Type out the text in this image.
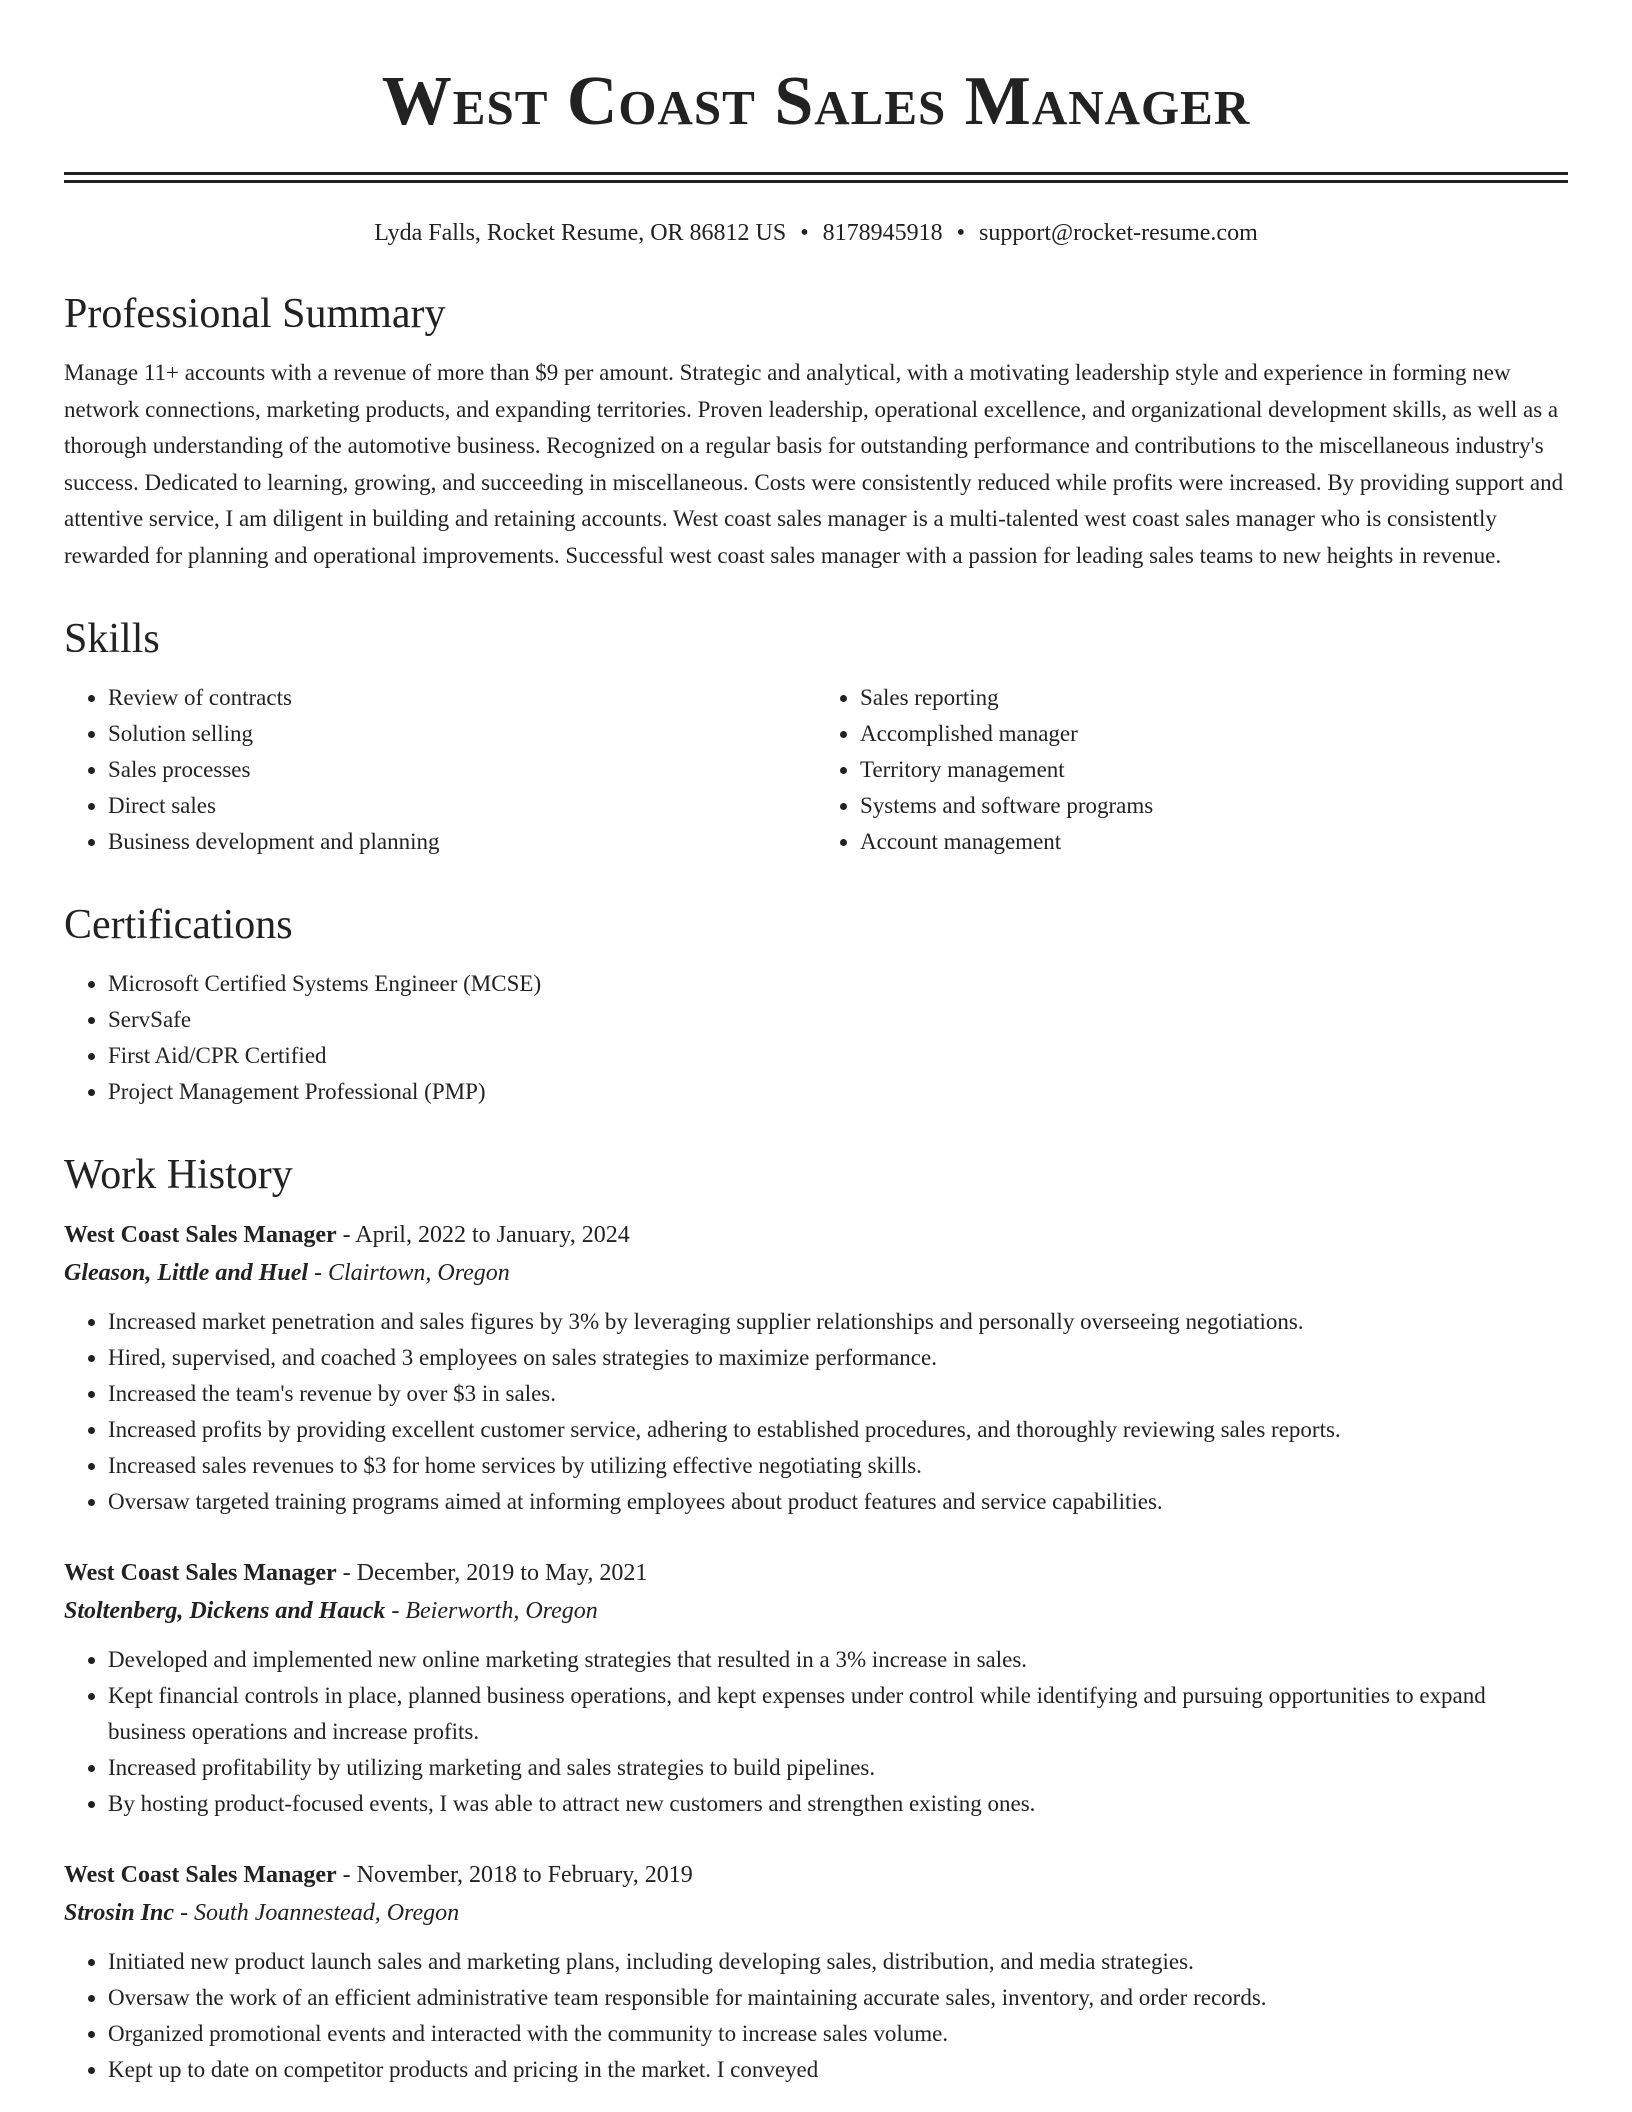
West Coast Sales Manager
Lyda Falls, Rocket Resume, OR 86812 US • 8178945918 • support@rocket-resume.com
Professional Summary

Manage 11+ accounts with a revenue of more than $9 per amount. Strategic and analytical, with a motivating leadership style and experience in forming new network connections, marketing products, and expanding territories. Proven leadership, operational excellence, and organizational development skills, as well as a thorough understanding of the automotive business. Recognized on a regular basis for outstanding performance and contributions to the miscellaneous industry's success. Dedicated to learning, growing, and succeeding in miscellaneous. Costs were consistently reduced while profits were increased. By providing support and attentive service, I am diligent in building and retaining accounts. West coast sales manager is a multi-talented west coast sales manager who is consistently rewarded for planning and operational improvements. Successful west coast sales manager with a passion for leading sales teams to new heights in revenue.

Skills
• Review of contracts
• Solution selling
• Sales processes
• Direct sales
• Business development and planning
• Sales reporting
• Accomplished manager
• Territory management
• Systems and software programs
• Account management
Certifications
• Microsoft Certified Systems Engineer (MCSE)
• ServSafe
• First Aid/CPR Certified
• Project Management Professional (PMP)
Work History
West Coast Sales Manager - April, 2022 to January, 2024
Gleason, Little and Huel - Clairtown, Oregon
• Increased market penetration and sales figures by 3% by leveraging supplier relationships and personally overseeing negotiations.
• Hired, supervised, and coached 3 employees on sales strategies to maximize performance.
• Increased the team's revenue by over $3 in sales.
• Increased profits by providing excellent customer service, adhering to established procedures, and thoroughly reviewing sales reports.
• Increased sales revenues to $3 for home services by utilizing effective negotiating skills.
• Oversaw targeted training programs aimed at informing employees about product features and service capabilities.
West Coast Sales Manager - December, 2019 to May, 2021
Stoltenberg, Dickens and Hauck - Beierworth, Oregon
• Developed and implemented new online marketing strategies that resulted in a 3% increase in sales.
• Kept financial controls in place, planned business operations, and kept expenses under control while identifying and pursuing opportunities to expand business operations and increase profits.
• Increased profitability by utilizing marketing and sales strategies to build pipelines.
• By hosting product-focused events, I was able to attract new customers and strengthen existing ones.
West Coast Sales Manager - November, 2018 to February, 2019
Strosin Inc - South Joannestead, Oregon
• Initiated new product launch sales and marketing plans, including developing sales, distribution, and media strategies.
• Oversaw the work of an efficient administrative team responsible for maintaining accurate sales, inventory, and order records.
• Organized promotional events and interacted with the community to increase sales volume.
• Kept up to date on competitor products and pricing in the market. I conveyed
